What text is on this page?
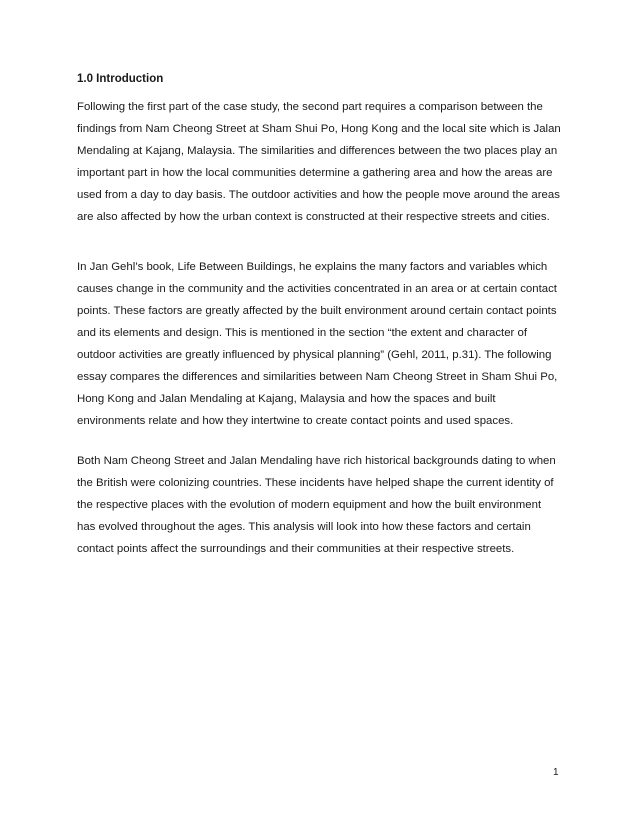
1.0 Introduction

Following the first part of the case study, the second part requires a comparison between the
findings from Nam Cheong Street at Sham Shui Po, Hong Kong and the local site which is Jalan
Mendaling at Kajang, Malaysia. The similarities and differences between the two places play an
important part in how the local communities determine a gathering area and how the areas are
used from a day to day basis. The outdoor activities and how the people move around the areas
are also affected by how the urban context is constructed at their respective streets and cities.

In Jan Gehl’s book, Life Between Buildings, he explains the many factors and variables which
causes change in the community and the activities concentrated in an area or at certain contact
points. These factors are greatly affected by the built environment around certain contact points
and its elements and design. This is mentioned in the section “the extent and character of
outdoor activities are greatly influenced by physical planning” (Gehl, 2011, p.31). The following
essay compares the differences and similarities between Nam Cheong Street in Sham Shui Po,
Hong Kong and Jalan Mendaling at Kajang, Malaysia and how the spaces and built
environments relate and how they intertwine to create contact points and used spaces.

Both Nam Cheong Street and Jalan Mendaling have rich historical backgrounds dating to when
the British were colonizing countries. These incidents have helped shape the current identity of
the respective places with the evolution of modern equipment and how the built environment
has evolved throughout the ages. This analysis will look into how these factors and certain
contact points affect the surroundings and their communities at their respective streets.

1
